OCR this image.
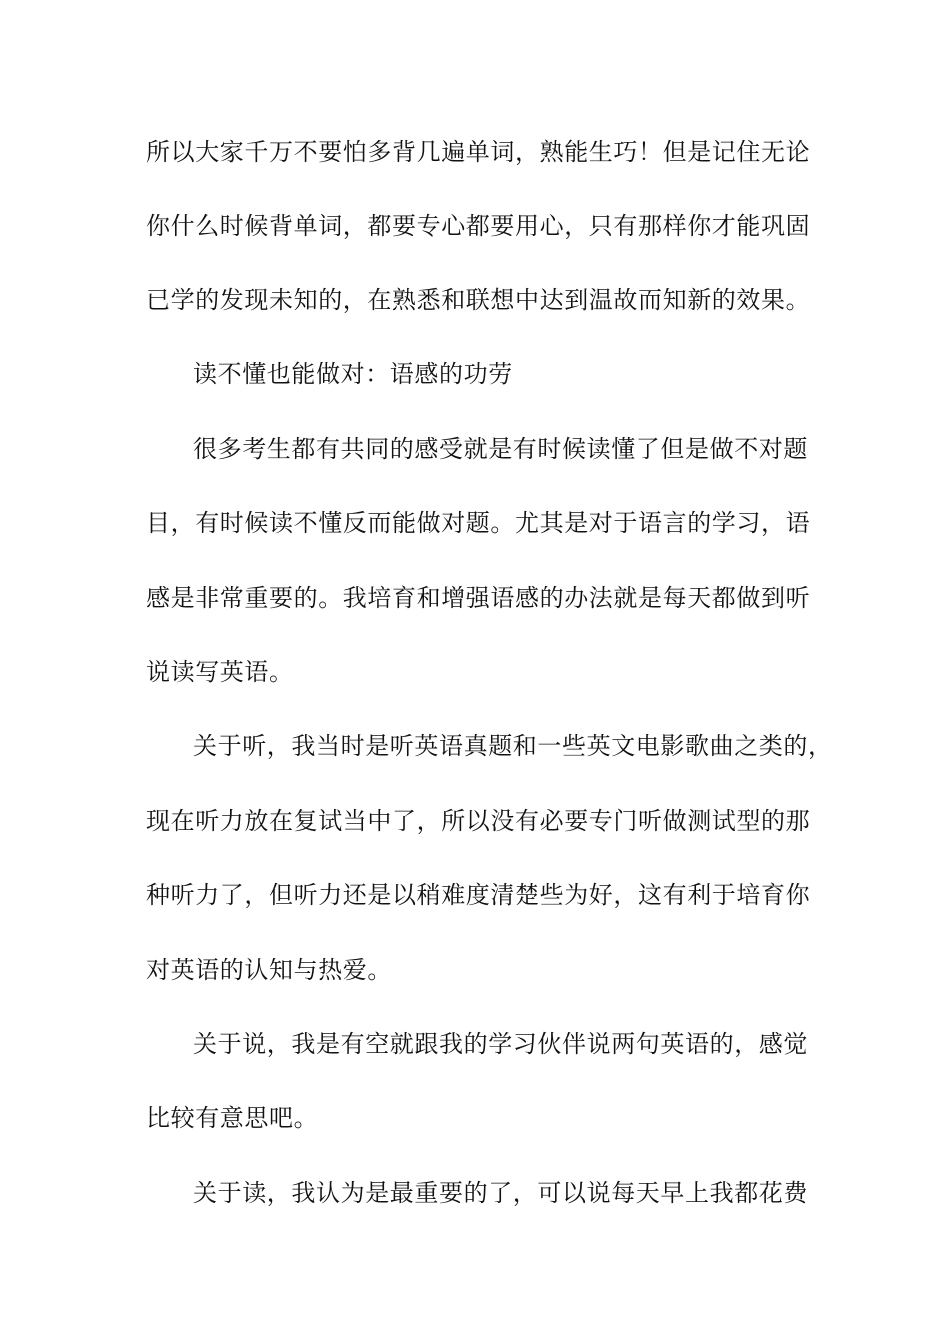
所以大家千万不要怕多背几遍单词，熟能生巧！但是记住无论
你什么时候背单词，都要专心都要用心，只有那样你才能巩固
已学的发现未知的，在熟悉和联想中达到温故而知新的效果。
读不懂也能做对：语感的功劳
很多考生都有共同的感受就是有时候读懂了但是做不对题
目，有时候读不懂反而能做对题。尤其是对于语言的学习，语
感是非常重要的。我培育和增强语感的办法就是每天都做到听
说读写英语。
关于听，我当时是听英语真题和一些英文电影歌曲之类的，
现在听力放在复试当中了，所以没有必要专门听做测试型的那
种听力了，但听力还是以稍难度清楚些为好，这有利于培育你
对英语的认知与热爱。
关于说，我是有空就跟我的学习伙伴说两句英语的，感觉
比较有意思吧。
关于读，我认为是最重要的了，可以说每天早上我都花费
